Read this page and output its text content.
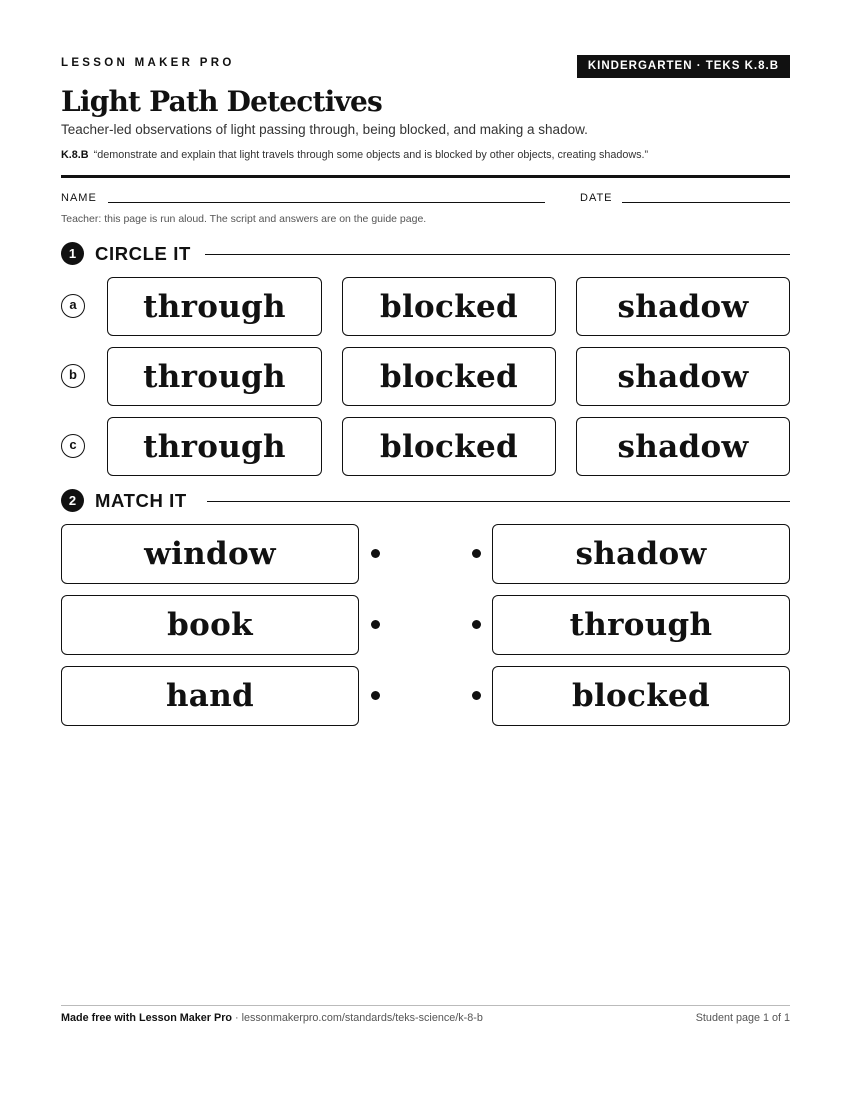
LESSON MAKER PRO	KINDERGARTEN · TEKS K.8.B
Light Path Detectives
Teacher-led observations of light passing through, being blocked, and making a shadow.
K.8.B “demonstrate and explain that light travels through some objects and is blocked by other objects, creating shadows.”
NAME	DATE
Teacher: this page is run aloud. The script and answers are on the guide page.
1	CIRCLE IT
a	through	blocked	shadow
b	through	blocked	shadow
c	through	blocked	shadow
2	MATCH IT
window	shadow
book	through
hand	blocked
Made free with Lesson Maker Pro · lessonmakerpro.com/standards/teks-science/k-8-b	Student page 1 of 1
